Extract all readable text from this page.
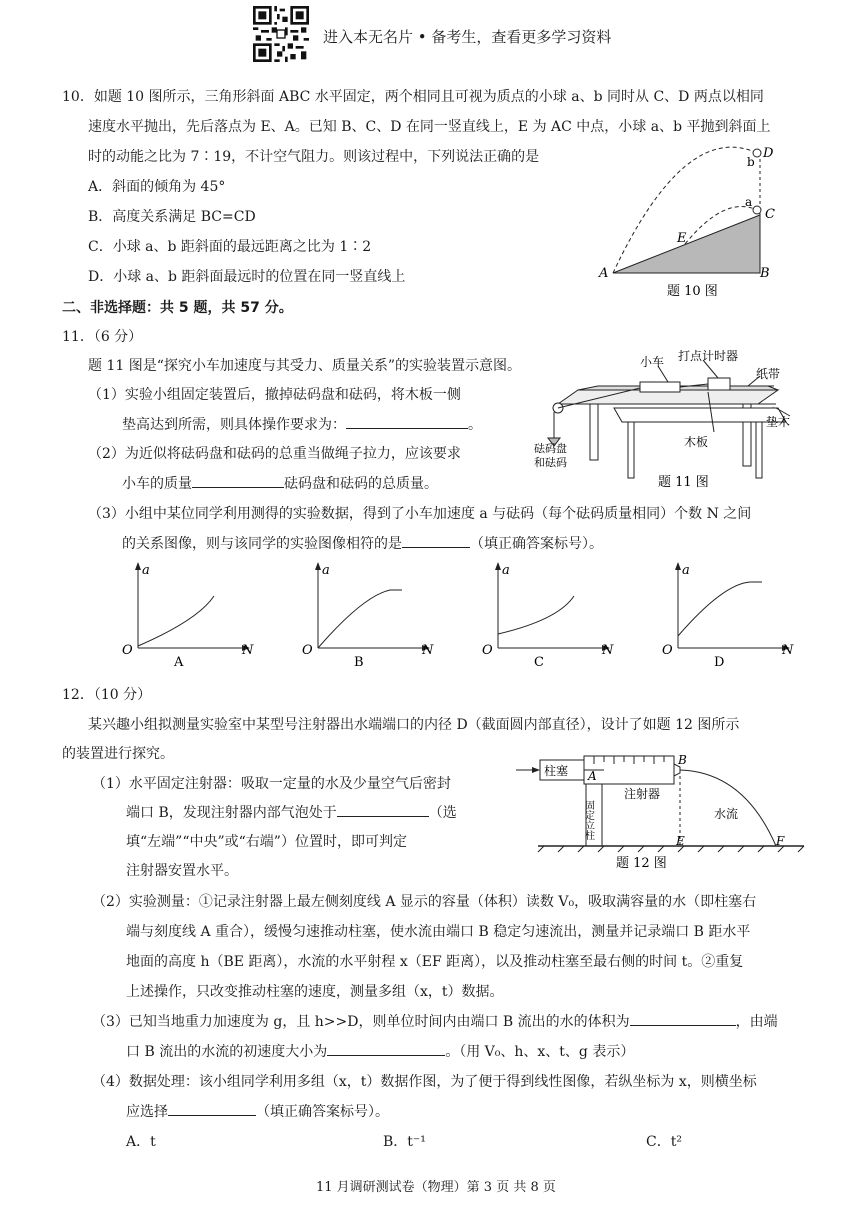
进入本无名片 • 备考生，查看更多学习资料
10．如题 10 图所示，三角形斜面 ABC 水平固定，两个相同且可视为质点的小球 a、b 同时从 C、D 两点以相同
速度水平抛出，先后落点为 E、A。已知 B、C、D 在同一竖直线上，E 为 AC 中点，小球 a、b 平抛到斜面上
时的动能之比为 7∶19，不计空气阻力。则该过程中，下列说法正确的是
A．斜面的倾角为 45°
B．高度关系满足 BC=CD
C．小球 a、b 距斜面的最远距离之比为 1∶2
D．小球 a、b 距斜面最远时的位置在同一竖直线上
D
b
a
C
E
A	B
题 10 图
二、非选择题：共 5 题，共 57 分。
11．（6 分）
题 11 图是“探究小车加速度与其受力、质量关系”的实验装置示意图。
（1）实验小组固定装置后，撤掉砝码盘和砝码，将木板一侧
垫高达到所需，则具体操作要求为：	。
（2）为近似将砝码盘和砝码的总重当做绳子拉力，应该要求
小车的质量	砝码盘和砝码的总质量。
（3）小组中某位同学利用测得的实验数据，得到了小车加速度 a 与砝码（每个砝码质量相同）个数 N 之间
的关系图像，则与该同学的实验图像相符的是	（填正确答案标号）。
小车 打点计时器
纸带
垫木
木板
砝码盘
和砝码
题 11 图
a
O	N
A
a
O	N
B
a
O	N
C
a
O	N
D
12．（10 分）
某兴趣小组拟测量实验室中某型号注射器出水端端口的内径 D（截面圆内部直径），设计了如题 12 图所示
的装置进行探究。
（1）水平固定注射器：吸取一定量的水及少量空气后密封
端口 B，发现注射器内部气泡处于	（选
填“左端”“中央”或“右端”）位置时，即可判定
注射器安置水平。
柱塞 A
注射器
固定立柱	水流
B
E	F
题 12 图
（2）实验测量：①记录注射器上最左侧刻度线 A 显示的容量（体积）读数 V₀，吸取满容量的水（即柱塞右
端与刻度线 A 重合），缓慢匀速推动柱塞，使水流由端口 B 稳定匀速流出，测量并记录端口 B 距水平
地面的高度 h（BE 距离），水流的水平射程 x（EF 距离），以及推动柱塞至最右侧的时间 t。②重复
上述操作，只改变推动柱塞的速度，测量多组（x，t）数据。
（3）已知当地重力加速度为 g，且 h>>D，则单位时间内由端口 B 流出的水的体积为	，由端
口 B 流出的水流的初速度大小为	。（用 V₀、h、x、t、g 表示）
（4）数据处理：该小组同学利用多组（x，t）数据作图，为了便于得到线性图像，若纵坐标为 x，则横坐标
应选择	（填正确答案标号）。
A．t	B．t⁻¹	C．t²
11 月调研测试卷（物理）第 3 页 共 8 页
